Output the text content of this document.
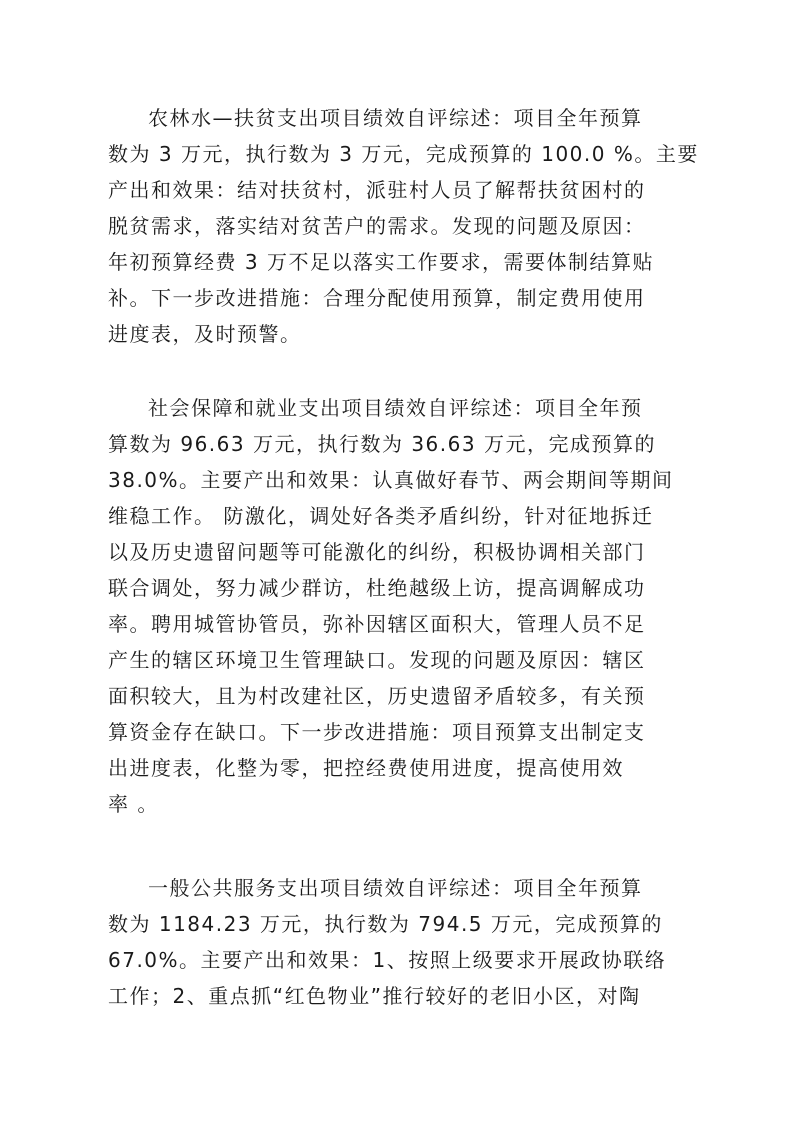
农林水—扶贫支出项目绩效自评综述：项目全年预算
数为 3 万元，执行数为 3 万元，完成预算的 100.0 %。主要
产出和效果：结对扶贫村，派驻村人员了解帮扶贫困村的
脱贫需求，落实结对贫苦户的需求。发现的问题及原因：
年初预算经费 3 万不足以落实工作要求，需要体制结算贴
补。下一步改进措施：合理分配使用预算，制定费用使用
进度表，及时预警。
社会保障和就业支出项目绩效自评综述：项目全年预
算数为 96.63 万元，执行数为 36.63 万元，完成预算的
38.0%。主要产出和效果：认真做好春节、两会期间等期间
维稳工作。 防激化，调处好各类矛盾纠纷，针对征地拆迁
以及历史遗留问题等可能激化的纠纷，积极协调相关部门
联合调处，努力减少群访，杜绝越级上访，提高调解成功
率。聘用城管协管员，弥补因辖区面积大，管理人员不足
产生的辖区环境卫生管理缺口。发现的问题及原因：辖区
面积较大，且为村改建社区，历史遗留矛盾较多，有关预
算资金存在缺口。下一步改进措施：项目预算支出制定支
出进度表，化整为零，把控经费使用进度，提高使用效
率 。
一般公共服务支出项目绩效自评综述：项目全年预算
数为 1184.23 万元，执行数为 794.5 万元，完成预算的
67.0%。主要产出和效果：1、按照上级要求开展政协联络
工作；2、重点抓“红色物业”推行较好的老旧小区，对陶
